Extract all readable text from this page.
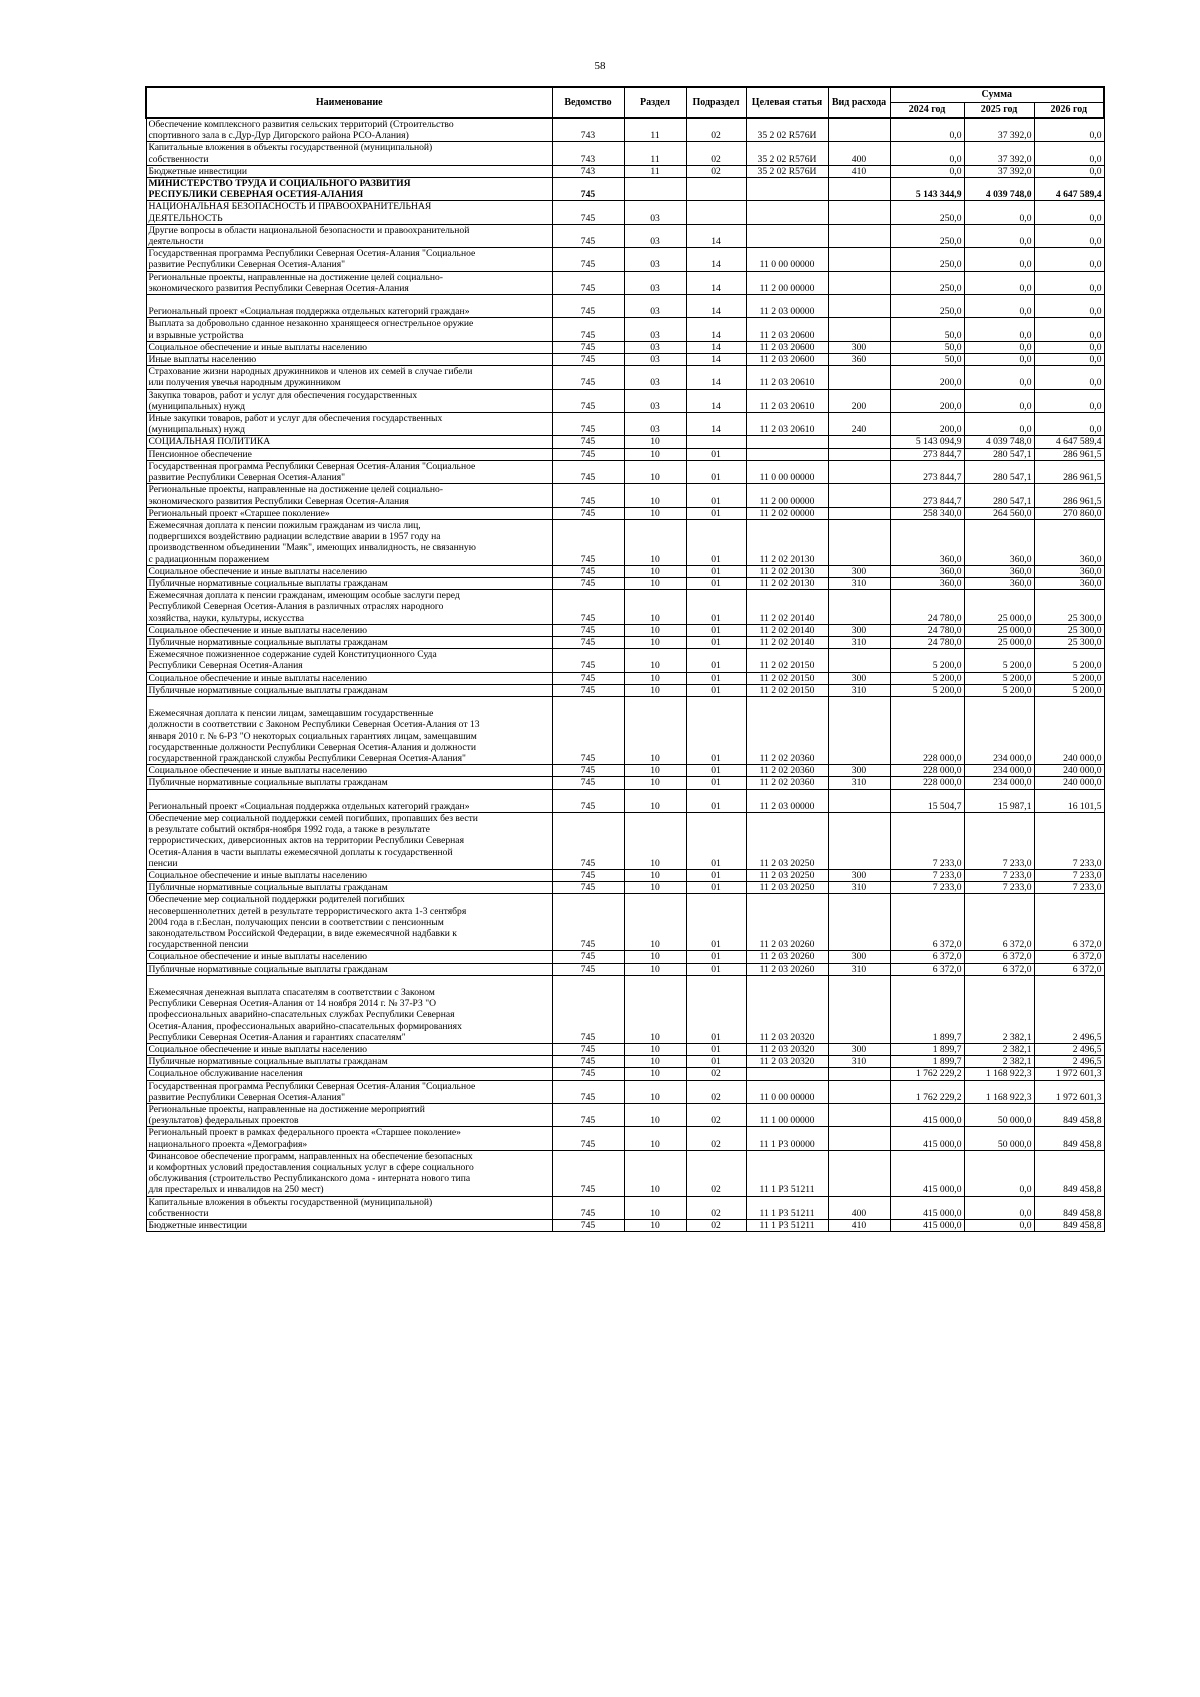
58
Наименование	Ведомство	Раздел	Подраздел	Целевая статья	Вид расхода	Сумма		
						2024 год	2025 год	2026 год

Обеспечение комплексного развития сельских территорий (Строительство
спортивного зала в с.Дур-Дур Дигорского района РСО-Алания)	743	11	02	35 2 02 R576И		0,0	37 392,0	0,0

Капитальные вложения в объекты государственной (муниципальной)
собственности	743	11	02	35 2 02 R576И	400	0,0	37 392,0	0,0

Бюджетные инвестиции	743	11	02	35 2 02 R576И	410	0,0	37 392,0	0,0

МИНИСТЕРСТВО ТРУДА И СОЦИАЛЬНОГО РАЗВИТИЯ
РЕСПУБЛИКИ СЕВЕРНАЯ ОСЕТИЯ-АЛАНИЯ	745					5 143 344,9	4 039 748,0	4 647 589,4

НАЦИОНАЛЬНАЯ БЕЗОПАСНОСТЬ И ПРАВООХРАНИТЕЛЬНАЯ
ДЕЯТЕЛЬНОСТЬ	745	03				250,0	0,0	0,0

Другие вопросы в области национальной безопасности и правоохранительной
деятельности	745	03	14			250,0	0,0	0,0

Государственная программа Республики Северная Осетия-Алания "Социальное
развитие Республики Северная Осетия-Алания"	745	03	14	11 0 00 00000		250,0	0,0	0,0

Региональные проекты, направленные на достижение целей социально-
экономического развития Республики Северная Осетия-Алания	745	03	14	11 2 00 00000		250,0	0,0	0,0

Региональный проект «Социальная поддержка отдельных категорий граждан»	745	03	14	11 2 03 00000		250,0	0,0	0,0

Выплата за добровольно сданное незаконно хранящееся огнестрельное оружие
и взрывные устройства	745	03	14	11 2 03 20600		50,0	0,0	0,0

Социальное обеспечение и иные выплаты населению	745	03	14	11 2 03 20600	300	50,0	0,0	0,0

Иные выплаты населению	745	03	14	11 2 03 20600	360	50,0	0,0	0,0

Страхование жизни народных дружинников и членов их семей в случае гибели
или получения увечья народным дружинником	745	03	14	11 2 03 20610		200,0	0,0	0,0

Закупка товаров, работ и услуг для обеспечения государственных
(муниципальных) нужд	745	03	14	11 2 03 20610	200	200,0	0,0	0,0

Иные закупки товаров, работ и услуг для обеспечения государственных
(муниципальных) нужд	745	03	14	11 2 03 20610	240	200,0	0,0	0,0

СОЦИАЛЬНАЯ ПОЛИТИКА	745	10				5 143 094,9	4 039 748,0	4 647 589,4

Пенсионное обеспечение	745	10	01			273 844,7	280 547,1	286 961,5

Государственная программа Республики Северная Осетия-Алания "Социальное
развитие Республики Северная Осетия-Алания"	745	10	01	11 0 00 00000		273 844,7	280 547,1	286 961,5

Региональные проекты, направленные на достижение целей социально-
экономического развития Республики Северная Осетия-Алания	745	10	01	11 2 00 00000		273 844,7	280 547,1	286 961,5

Региональный проект «Старшее поколение»	745	10	01	11 2 02 00000		258 340,0	264 560,0	270 860,0

Ежемесячная доплата к пенсии пожилым гражданам из числа лиц,
подвергшихся воздействию радиации вследствие аварии в 1957 году на
производственном объединении "Маяк", имеющих инвалидность, не связанную
с радиационным поражением	745	10	01	11 2 02 20130		360,0	360,0	360,0

Социальное обеспечение и иные выплаты населению	745	10	01	11 2 02 20130	300	360,0	360,0	360,0

Публичные нормативные социальные выплаты гражданам	745	10	01	11 2 02 20130	310	360,0	360,0	360,0

Ежемесячная доплата к пенсии гражданам, имеющим особые заслуги перед
Республикой Северная Осетия-Алания в различных отраслях народного
хозяйства, науки, культуры, искусства	745	10	01	11 2 02 20140		24 780,0	25 000,0	25 300,0

Социальное обеспечение и иные выплаты населению	745	10	01	11 2 02 20140	300	24 780,0	25 000,0	25 300,0

Публичные нормативные социальные выплаты гражданам	745	10	01	11 2 02 20140	310	24 780,0	25 000,0	25 300,0

Ежемесячное пожизненное содержание судей Конституционного Суда
Республики Северная Осетия-Алания	745	10	01	11 2 02 20150		5 200,0	5 200,0	5 200,0

Социальное обеспечение и иные выплаты населению	745	10	01	11 2 02 20150	300	5 200,0	5 200,0	5 200,0

Публичные нормативные социальные выплаты гражданам	745	10	01	11 2 02 20150	310	5 200,0	5 200,0	5 200,0

Ежемесячная доплата к пенсии лицам, замещавшим государственные
должности в соответствии с Законом Республики Северная Осетия-Алания от 13
января 2010 г. № 6-РЗ "О некоторых социальных гарантиях лицам, замещавшим
государственные должности Республики Северная Осетия-Алания и должности
государственной гражданской службы Республики Северная Осетия-Алания"	745	10	01	11 2 02 20360		228 000,0	234 000,0	240 000,0

Социальное обеспечение и иные выплаты населению	745	10	01	11 2 02 20360	300	228 000,0	234 000,0	240 000,0

Публичные нормативные социальные выплаты гражданам	745	10	01	11 2 02 20360	310	228 000,0	234 000,0	240 000,0

Региональный проект «Социальная поддержка отдельных категорий граждан»	745	10	01	11 2 03 00000		15 504,7	15 987,1	16 101,5

Обеспечение мер социальной поддержки семей погибших, пропавших без вести
в результате событий октября-ноября 1992 года, а также в результате
террористических, диверсионных актов на территории Республики Северная
Осетия-Алания в части выплаты ежемесячной доплаты к государственной
пенсии	745	10	01	11 2 03 20250		7 233,0	7 233,0	7 233,0

Социальное обеспечение и иные выплаты населению	745	10	01	11 2 03 20250	300	7 233,0	7 233,0	7 233,0

Публичные нормативные социальные выплаты гражданам	745	10	01	11 2 03 20250	310	7 233,0	7 233,0	7 233,0

Обеспечение мер социальной поддержки родителей погибших
несовершеннолетних детей в результате террористического акта 1-3 сентября
2004 года в г.Беслан, получающих пенсии в соответствии с пенсионным
законодательством Российской Федерации, в виде ежемесячной надбавки к
государственной пенсии	745	10	01	11 2 03 20260		6 372,0	6 372,0	6 372,0

Социальное обеспечение и иные выплаты населению	745	10	01	11 2 03 20260	300	6 372,0	6 372,0	6 372,0

Публичные нормативные социальные выплаты гражданам	745	10	01	11 2 03 20260	310	6 372,0	6 372,0	6 372,0

Ежемесячная денежная выплата спасателям в соответствии с Законом
Республики Северная Осетия-Алания от 14 ноября 2014 г. № 37-РЗ "О
профессиональных аварийно-спасательных службах Республики Северная
Осетия-Алания, профессиональных аварийно-спасательных формированиях
Республики Северная Осетия-Алания и гарантиях спасателям"	745	10	01	11 2 03 20320		1 899,7	2 382,1	2 496,5

Социальное обеспечение и иные выплаты населению	745	10	01	11 2 03 20320	300	1 899,7	2 382,1	2 496,5

Публичные нормативные социальные выплаты гражданам	745	10	01	11 2 03 20320	310	1 899,7	2 382,1	2 496,5

Социальное обслуживание населения	745	10	02			1 762 229,2	1 168 922,3	1 972 601,3

Государственная программа Республики Северная Осетия-Алания "Социальное
развитие Республики Северная Осетия-Алания"	745	10	02	11 0 00 00000		1 762 229,2	1 168 922,3	1 972 601,3

Региональные проекты, направленные на достижение мероприятий
(результатов) федеральных проектов	745	10	02	11 1 00 00000		415 000,0	50 000,0	849 458,8

Региональный проект в рамках федерального проекта «Старшее поколение»
национального проекта «Демография»	745	10	02	11 1 P3 00000		415 000,0	50 000,0	849 458,8

Финансовое обеспечение программ, направленных на обеспечение безопасных
и комфортных условий предоставления социальных услуг в сфере социального
обслуживания (строительство Республиканского дома - интерната нового типа
для престарелых и инвалидов на 250 мест)	745	10	02	11 1 P3 51211		415 000,0	0,0	849 458,8

Капитальные вложения в объекты государственной (муниципальной)
собственности	745	10	02	11 1 P3 51211	400	415 000,0	0,0	849 458,8

Бюджетные инвестиции	745	10	02	11 1 P3 51211	410	415 000,0	0,0	849 458,8
